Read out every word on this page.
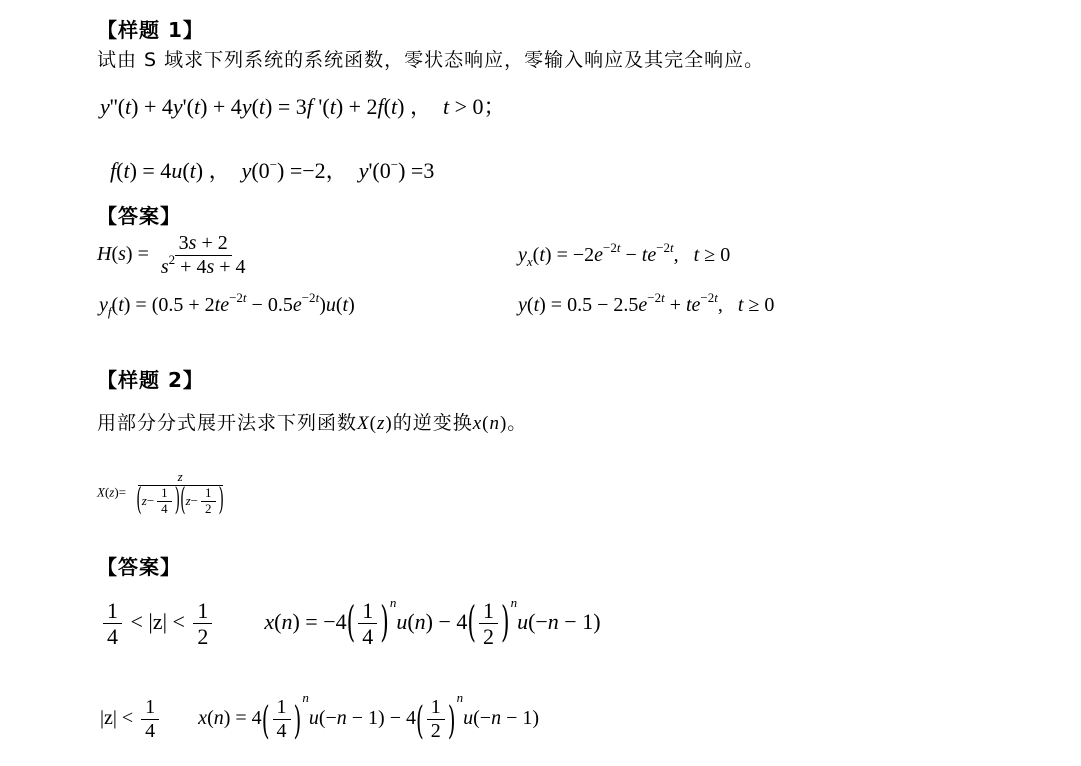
【样题 1】
试由 S 域求下列系统的系统函数，零状态响应，零输入响应及其完全响应。
y''(t) + 4y'(t) + 4y(t) = 3f '(t) + 2f(t) ，  t > 0；
f(t) = 4u(t) ，  y(0−) =−2，  y'(0−) =3
【答案】
$H(s) = \frac{3s + 2}{s^2 + 4s + 4}$	$y_x(t) = -2e^{-2t} - te^{-2t}$,   t ≥ 0
$y_f(t) = (0.5 + 2te^{-2t} - 0.5e^{-2t})u(t)$	$y(t) = 0.5 - 2.5e^{-2t} + te^{-2t}$,   t ≥ 0
【样题 2】
用部分分式展开法求下列函数X(z)的逆变换x(n)。
$X(z)= \frac{z}{( z - \frac{1}{4} ) ( z - \frac{1}{2} )}$
【答案】
$\frac{1}{4} < |z| < \frac{1}{2} x(n) = -4$ ( $\frac{1}{4}$ ) $^n$u(n) − 4 ( $\frac{1}{2}$ ) $^n$u(−n − 1)
$|z| < \frac{1}{4} x(n) = 4$ ( $\frac{1}{4}$ ) $^n$u(−n − 1) − 4 ( $\frac{1}{2}$ ) $^n$u(−n − 1)
